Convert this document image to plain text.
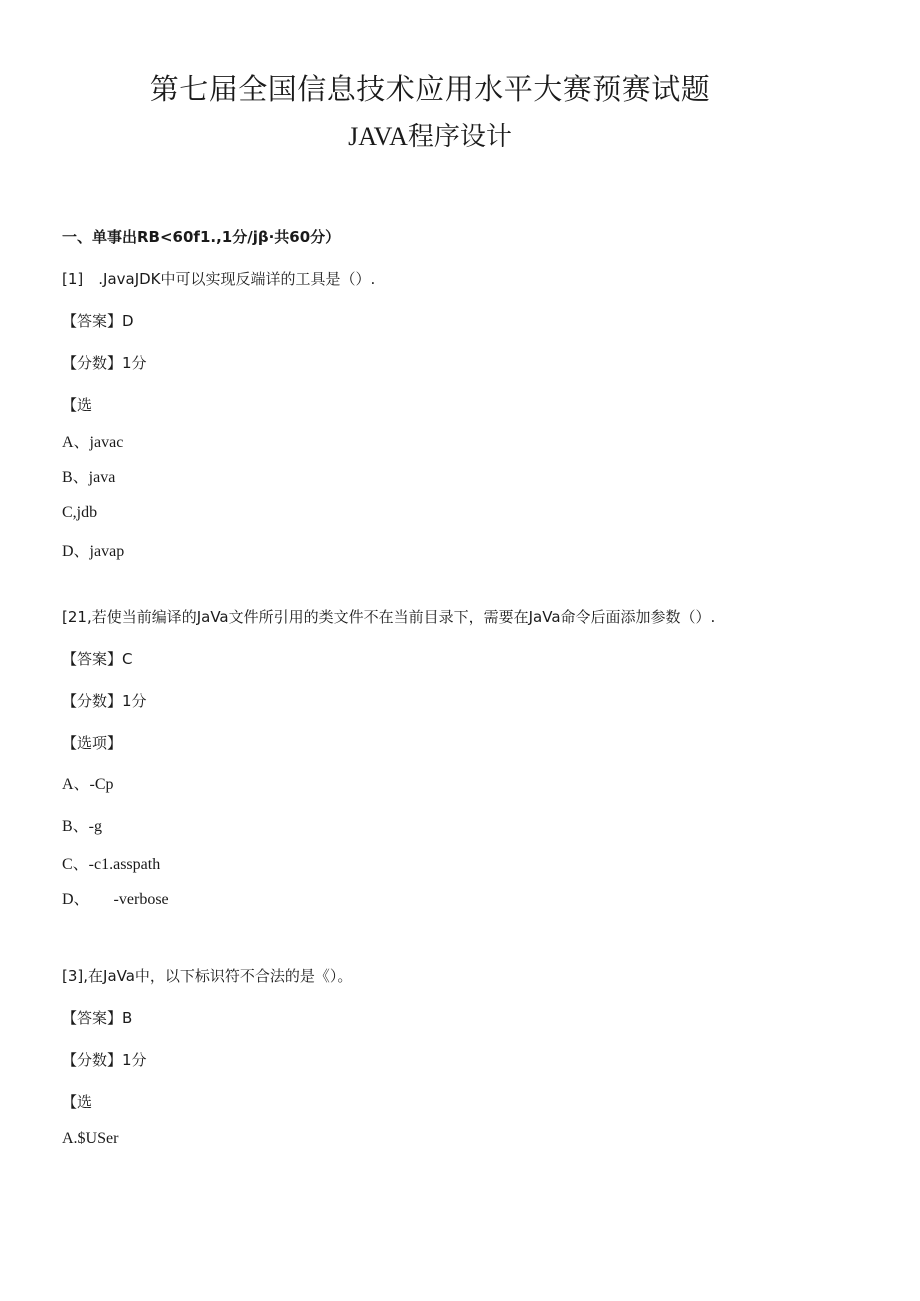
第七届全国信息技术应用水平大赛预赛试题
JAVA程序设计
一、单事出RB<60f1.,1分/jβ·共60分）
[1]　.JavaJDK中可以实现反端详的工具是（）.
【答案】D
【分数】1分
【选
A、javac
B、java
C,jdb
D、javap
[21,若使当前编译的JaVa文件所引用的类文件不在当前目录下，需要在JaVa命令后面添加参数（）.
【答案】C
【分数】1分
【选项】
A、-Cp
B、-g
C、-c1.asspath
D、　　-verbose
[3],在JaVa中，以下标识符不合法的是《）。
【答案】B
【分数】1分
【选
A.$USer
